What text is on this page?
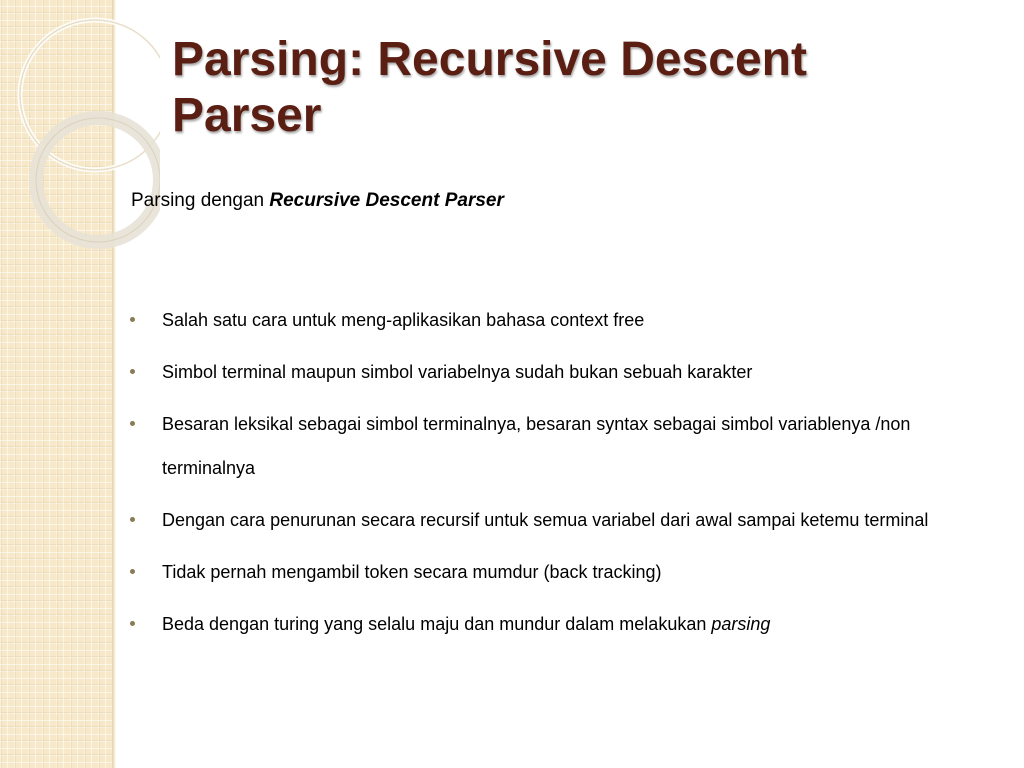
Parsing: Recursive Descent Parser
Parsing dengan Recursive Descent Parser
Salah satu cara untuk meng-aplikasikan bahasa context free
Simbol terminal maupun simbol variabelnya sudah bukan sebuah karakter
Besaran leksikal sebagai simbol terminalnya, besaran syntax sebagai simbol variablenya /non terminalnya
Dengan cara penurunan secara recursif untuk semua variabel dari awal sampai ketemu terminal
Tidak pernah mengambil token secara mumdur (back tracking)
Beda dengan turing yang selalu maju dan mundur dalam melakukan parsing
